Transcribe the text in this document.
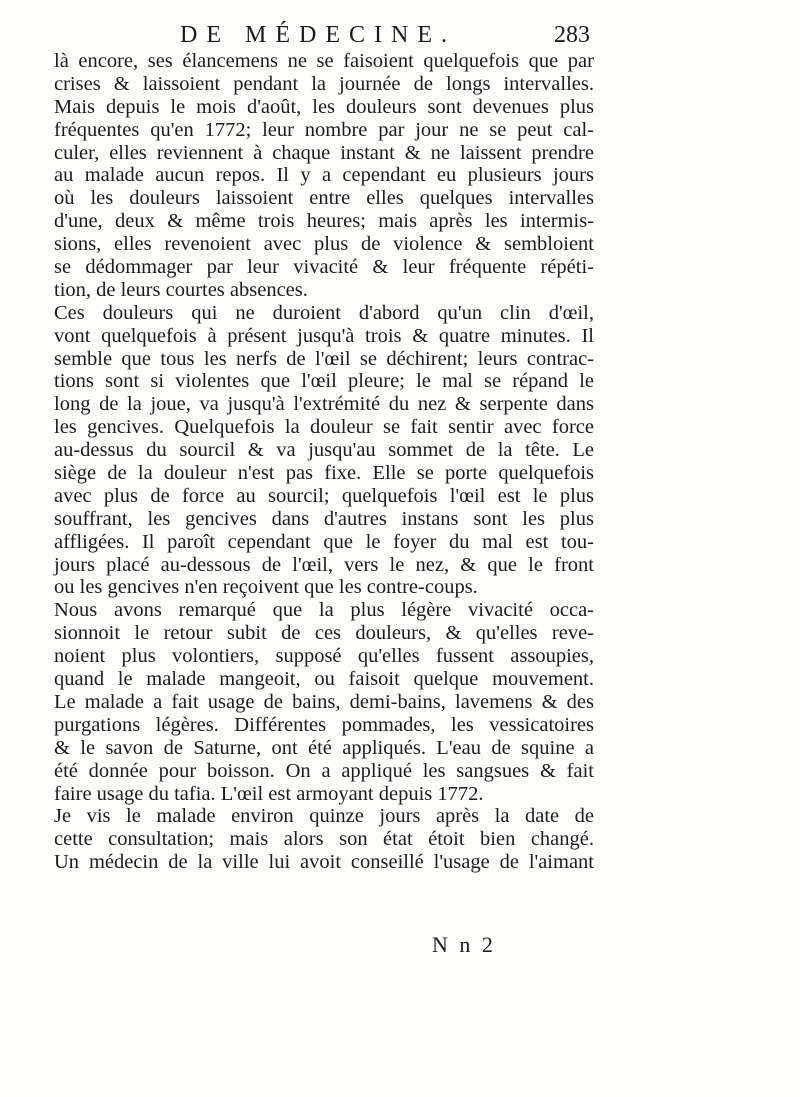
DE MÉDECINE.	283
là encore, ses élancemens ne se faisoient quelquefois que par
crises & laissoient pendant la journée de longs intervalles.
Mais depuis le mois d'août, les douleurs sont devenues plus
fréquentes qu'en 1772; leur nombre par jour ne se peut cal-
culer, elles reviennent à chaque instant & ne laissent prendre
au malade aucun repos. Il y a cependant eu plusieurs jours
où les douleurs laissoient entre elles quelques intervalles
d'une, deux & même trois heures; mais après les intermis-
sions, elles revenoient avec plus de violence & sembloient
se dédommager par leur vivacité & leur fréquente répéti-
tion, de leurs courtes absences.
Ces douleurs qui ne duroient d'abord qu'un clin d'œil,
vont quelquefois à présent jusqu'à trois & quatre minutes. Il
semble que tous les nerfs de l'œil se déchirent; leurs contrac-
tions sont si violentes que l'œil pleure; le mal se répand le
long de la joue, va jusqu'à l'extrémité du nez & serpente dans
les gencives. Quelquefois la douleur se fait sentir avec force
au-dessus du sourcil & va jusqu'au sommet de la tête. Le
siège de la douleur n'est pas fixe. Elle se porte quelquefois
avec plus de force au sourcil; quelquefois l'œil est le plus
souffrant, les gencives dans d'autres instans sont les plus
affligées. Il paroît cependant que le foyer du mal est tou-
jours placé au-dessous de l'œil, vers le nez, & que le front
ou les gencives n'en reçoivent que les contre-coups.
Nous avons remarqué que la plus légère vivacité occa-
sionnoit le retour subit de ces douleurs, & qu'elles reve-
noient plus volontiers, supposé qu'elles fussent assoupies,
quand le malade mangeoit, ou faisoit quelque mouvement.
Le malade a fait usage de bains, demi-bains, lavemens & des
purgations légères. Différentes pommades, les vessicatoires
& le savon de Saturne, ont été appliqués. L'eau de squine a
été donnée pour boisson. On a appliqué les sangsues & fait
faire usage du tafia. L'œil est armoyant depuis 1772.
Je vis le malade environ quinze jours après la date de
cette consultation; mais alors son état étoit bien changé.
Un médecin de la ville lui avoit conseillé l'usage de l'aimant
N n 2
